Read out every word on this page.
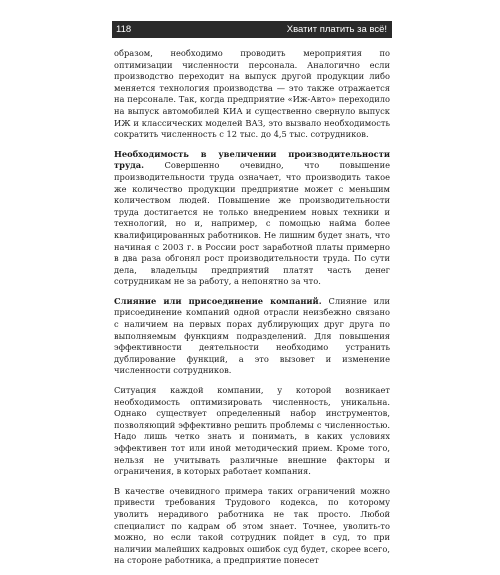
118	Хватит платить за всё!

образом, необходимо проводить мероприятия по оптимизации численности персонала. Аналогично если производство переходит на выпуск другой продукции либо меняется технология производства — это также отражается на персонале. Так, когда предприятие «Иж-Авто» переходило на выпуск автомобилей КИА и существенно свернуло выпуск ИЖ и классических моделей ВАЗ, это вызвало необходимость сократить численность с 12 тыс. до 4,5 тыс. сотрудников.

Необходимость в увеличении производительности труда. Совершенно очевидно, что повышение производительности труда означает, что производить такое же количество продукции предприятие может с меньшим количеством людей. Повышение же производительности труда достигается не только внедрением новых техники и технологий, но и, например, с помощью найма более квалифицированных работников. Не лишним будет знать, что начиная с 2003 г. в России рост заработной платы примерно в два раза обгонял рост производительности труда. По сути дела, владельцы предприятий платят часть денег сотрудникам не за работу, а непонятно за что.

Слияние или присоединение компаний. Слияние или присоединение компаний одной отрасли неизбежно связано с наличием на первых порах дублирующих друг друга по выполняемым функциям подразделений. Для повышения эффективности деятельности необходимо устранить дублирование функций, а это вызовет и изменение численности сотрудников.

Ситуация каждой компании, у которой возникает необходимость оптимизировать численность, уникальна. Однако существует определенный набор инструментов, позволяющий эффективно решить проблемы с численностью. Надо лишь четко знать и понимать, в каких условиях эффективен тот или иной методический прием. Кроме того, нельзя не учитывать различные внешние факторы и ограничения, в которых работает компания.

В качестве очевидного примера таких ограничений можно привести требования Трудового кодекса, по которому уволить нерадивого работника не так просто. Любой специалист по кадрам об этом знает. Точнее, уволить-то можно, но если такой сотрудник пойдет в суд, то при наличии малейших кадровых ошибок суд будет, скорее всего, на стороне работника, а предприятие понесет
